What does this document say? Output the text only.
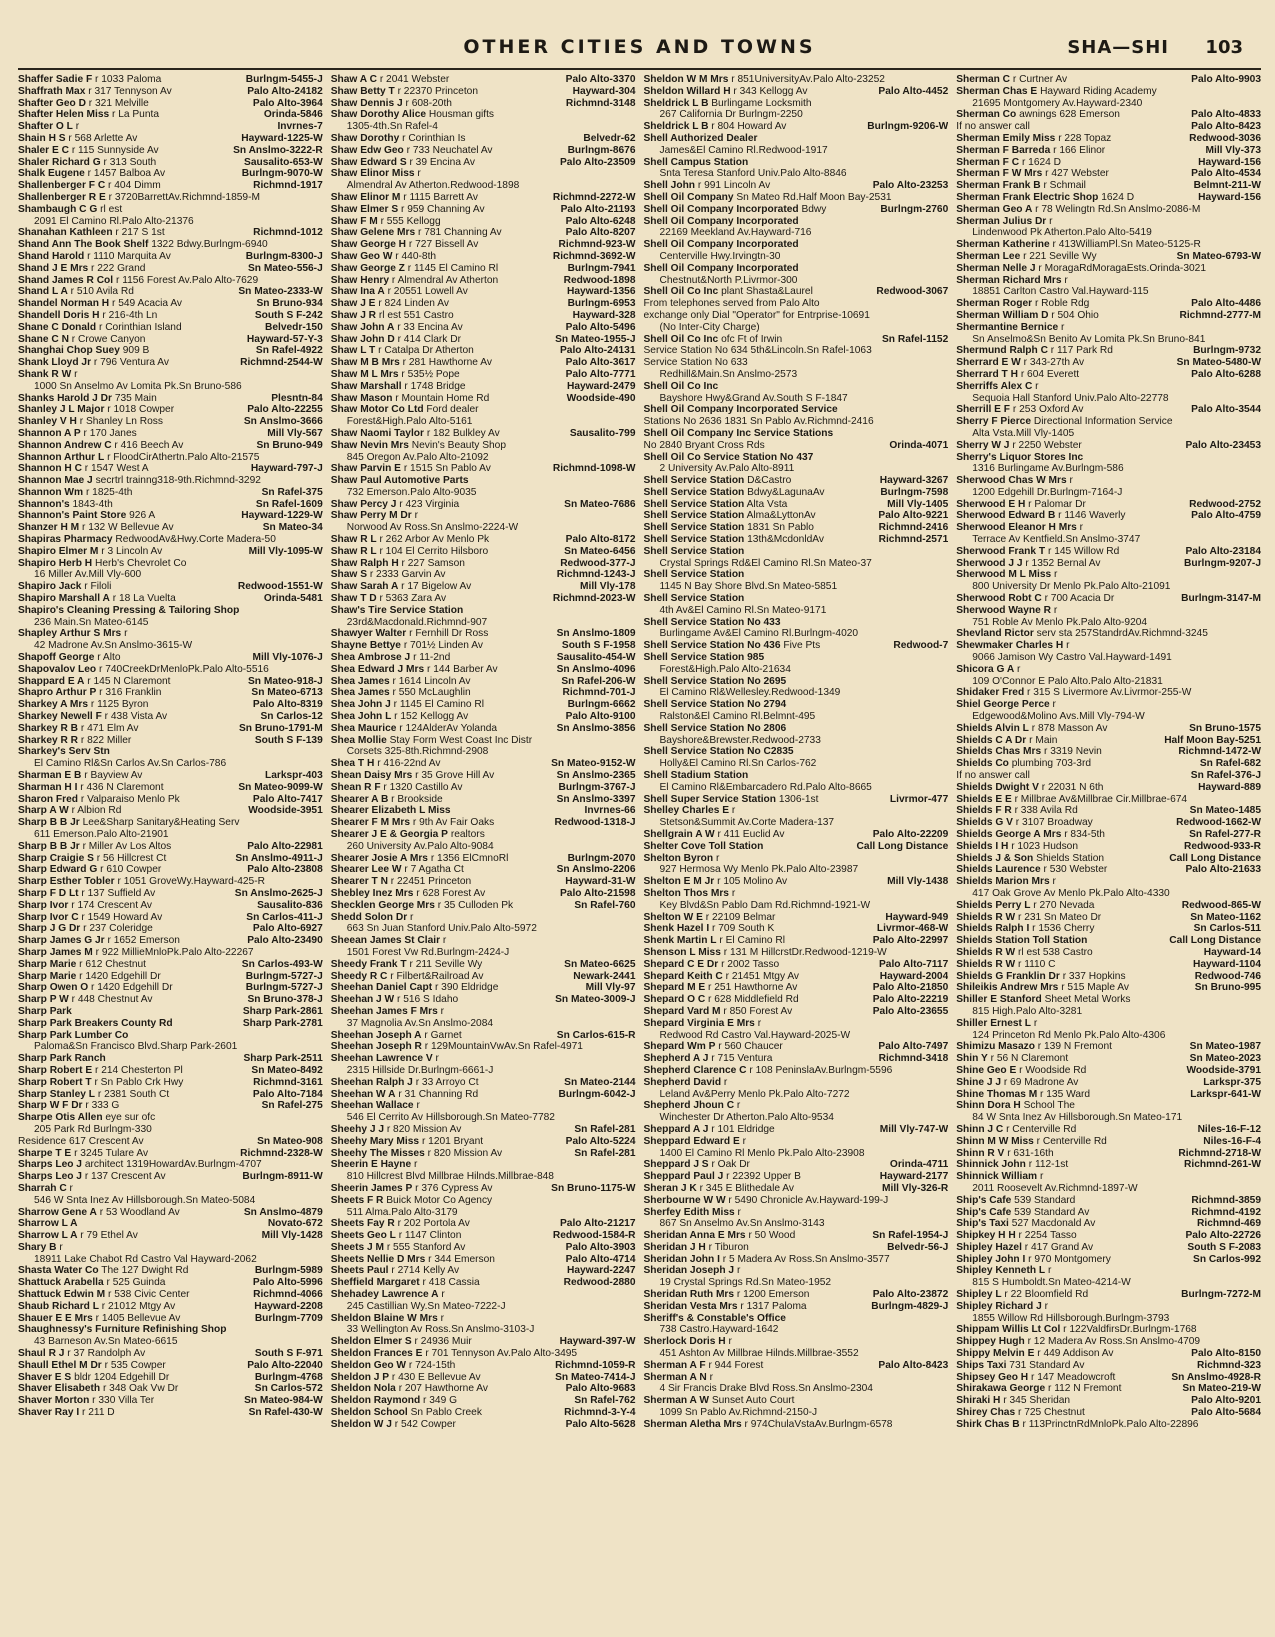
OTHER CITIES AND TOWNS	SHA—SHI 103
Burlngm-5455-J
Shaffer Sadie F r 1033 Paloma
Palo Alto-24182
Shaffrath Max r 317 Tennyson Av
Palo Alto-3964
Shafter Geo D r 321 Melville
Orinda-5846
Shafter Helen Miss r La Punta
Invrnes-7
Shafter O L r
Hayward-1225-W
Shain H S r 568 Arlette Av
Sn Anslmo-3222-R
Shaler E C r 115 Sunnyside Av
Sausalito-653-W
Shaler Richard G r 313 South
Burlngm-9070-W
Shalk Eugene r 1457 Balboa Av
Richmnd-1917
Shallenberger F C r 404 Dimm
Shallenberger R E r 3720BarrettAv.Richmnd-1859-M
Shambaugh C G rl est
2091 El Camino Rl.Palo Alto-21376
Richmnd-1012
Shanahan Kathleen r 217 S 1st
Shand Ann The Book Shelf 1322 Bdwy.Burlngm-6940
Burlngm-8300-J
Shand Harold r 1110 Marquita Av
Sn Mateo-556-J
Shand J E Mrs r 222 Grand
Shand James R Col r 1156 Forest Av.Palo Alto-7629
Sn Mateo-2333-W
Shand L A r 510 Avila Rd
Sn Bruno-934
Shandel Norman H r 549 Acacia Av
South S F-242
Shandell Doris H r 216-4th Ln
Belvedr-150
Shane C Donald r Corinthian Island
Hayward-57-Y-3
Shane C N r Crowe Canyon
Sn Rafel-4922
Shanghai Chop Suey 909 B
Richmnd-2544-W
Shank Lloyd Jr r 796 Ventura Av
Shank R W r
1000 Sn Anselmo Av Lomita Pk.Sn Bruno-586
Plesntn-84
Shanks Harold J Dr 735 Main
Palo Alto-22255
Shanley J L Major r 1018 Cowper
Sn Anslmo-3666
Shanley V H r Shanley Ln Ross
Mill Vly-567
Shannon A P r 170 Janes
Sn Bruno-949
Shannon Andrew C r 416 Beech Av
Shannon Arthur L r FloodCirAthertn.Palo Alto-21575
Hayward-797-J
Shannon H C r 1547 West A
Shannon Mae J secrtrl trainng318-9th.Richmnd-3292
Sn Rafel-375
Shannon Wm r 1825-4th
Sn Rafel-1609
Shannon's 1843-4th
Hayward-1229-W
Shannon's Paint Store 926 A
Sn Mateo-34
Shanzer H M r 132 W Bellevue Av
Shapiras Pharmacy RedwoodAv&Hwy.Corte Madera-50
Mill Vly-1095-W
Shapiro Elmer M r 3 Lincoln Av
Shapiro Herb H Herb's Chevrolet Co
16 Miller Av.Mill Vly-600
Redwood-1551-W
Shapiro Jack r Filoli
Orinda-5481
Shapiro Marshall A r 18 La Vuelta
Shapiro's Cleaning Pressing & Tailoring Shop
236 Main.Sn Mateo-6145
Shapley Arthur S Mrs r
42 Madrone Av.Sn Anslmo-3615-W
Mill Vly-1076-J
Shapoff George r Alto
Shapovalov Leo r 740CreekDrMenloPk.Palo Alto-5516
Sn Mateo-918-J
Shappard E A r 145 N Claremont
Sn Mateo-6713
Shapro Arthur P r 316 Franklin
Palo Alto-8319
Sharkey A Mrs r 1125 Byron
Sn Carlos-12
Sharkey Newell F r 438 Vista Av
Sn Bruno-1791-M
Sharkey R B r 471 Elm Av
South S F-139
Sharkey R R r 822 Miller
Sharkey's Serv Stn
El Camino Rl&Sn Carlos Av.Sn Carlos-786
Larkspr-403
Sharman E B r Bayview Av
Sn Mateo-9099-W
Sharman H I r 436 N Claremont
Palo Alto-7417
Sharon Fred r Valparaiso Menlo Pk
Woodside-3951
Sharp A W r Albion Rd
Sharp B B Jr Lee&Sharp Sanitary&Heating Serv
611 Emerson.Palo Alto-21901
Palo Alto-22981
Sharp B B Jr r Miller Av Los Altos
Sn Anslmo-4911-J
Sharp Craigie S r 56 Hillcrest Ct
Palo Alto-23808
Sharp Edward G r 610 Cowper
Sharp Esther Tobler r 1051 GroveWy.Hayward-425-R
Sn Anslmo-2625-J
Sharp F D Lt r 137 Suffield Av
Sausalito-836
Sharp Ivor r 174 Crescent Av
Sn Carlos-411-J
Sharp Ivor C r 1549 Howard Av
Palo Alto-6927
Sharp J G Dr r 237 Coleridge
Palo Alto-23490
Sharp James G Jr r 1652 Emerson
Sharp James M r 922 MillieMnloPk.Palo Alto-22267
Sn Carlos-493-W
Sharp Marie r 612 Chestnut
Burlngm-5727-J
Sharp Marie r 1420 Edgehill Dr
Burlngm-5727-J
Sharp Owen O r 1420 Edgehill Dr
Sn Bruno-378-J
Sharp P W r 448 Chestnut Av
Sharp Park-2861
Sharp Park
Sharp Park-2781
Sharp Park Breakers County Rd
Sharp Park Lumber Co
Paloma&Sn Francisco Blvd.Sharp Park-2601
Sharp Park-2511
Sharp Park Ranch
Sn Mateo-8492
Sharp Robert E r 214 Chesterton Pl
Richmnd-3161
Sharp Robert T r Sn Pablo Crk Hwy
Palo Alto-7184
Sharp Stanley L r 2381 South Ct
Sn Rafel-275
Sharp W F Dr r 333 G
Sharpe Otis Allen eye sur ofc
205 Park Rd Burlngm-330
Sn Mateo-908
Residence 617 Crescent Av
Richmnd-2328-W
Sharpe T E r 3245 Tulare Av
Sharps Leo J architect 1319HowardAv.Burlngm-4707
Burlngm-8911-W
Sharps Leo J r 137 Crescent Av
Sharrah C r
546 W Snta Inez Av Hillsborough.Sn Mateo-5084
Sn Anslmo-4879
Sharrow Gene A r 53 Woodland Av
Novato-672
Sharrow L A
Mill Vly-1428
Sharrow L A r 79 Ethel Av
Shary B r
18911 Lake Chabot Rd Castro Val Hayward-2062
Burlngm-5989
Shasta Water Co The 127 Dwight Rd
Palo Alto-5996
Shattuck Arabella r 525 Guinda
Richmnd-4066
Shattuck Edwin M r 538 Civic Center
Hayward-2208
Shaub Richard L r 21012 Mtgy Av
Burlngm-7709
Shauer E E Mrs r 1405 Bellevue Av
Shaughnessy's Furniture Refinishing Shop
43 Barneson Av.Sn Mateo-6615
South S F-971
Shaul R J r 37 Randolph Av
Palo Alto-22040
Shaull Ethel M Dr r 535 Cowper
Burlngm-4768
Shaver E S bldr 1204 Edgehill Dr
Sn Carlos-572
Shaver Elisabeth r 348 Oak Vw Dr
Sn Mateo-984-W
Shaver Morton r 330 Villa Ter
Sn Rafel-430-W
Shaver Ray I r 211 D
Palo Alto-3370
Shaw A C r 2041 Webster
Hayward-304
Shaw Betty T r 22370 Princeton
Richmnd-3148
Shaw Dennis J r 608-20th
Shaw Dorothy Alice Housman gifts
1305-4th.Sn Rafel-4
Belvedr-62
Shaw Dorothy r Corinthian Is
Burlngm-8676
Shaw Edw Geo r 733 Neuchatel Av
Palo Alto-23509
Shaw Edward S r 39 Encina Av
Shaw Elinor Miss r
Almendral Av Atherton.Redwood-1898
Richmnd-2272-W
Shaw Elinor M r 1115 Barrett Av
Palo Alto-21193
Shaw Elmer S r 959 Channing Av
Palo Alto-6248
Shaw F M r 555 Kellogg
Palo Alto-8207
Shaw Gelene Mrs r 781 Channing Av
Richmnd-923-W
Shaw George H r 727 Bissell Av
Richmnd-3692-W
Shaw Geo W r 440-8th
Burlngm-7941
Shaw George Z r 1145 El Camino Rl
Redwood-1898
Shaw Henry r Almendral Av Atherton
Hayward-1356
Shaw Ina A r 20551 Lowell Av
Burlngm-6953
Shaw J E r 824 Linden Av
Hayward-328
Shaw J R rl est 551 Castro
Palo Alto-5496
Shaw John A r 33 Encina Av
Sn Mateo-1955-J
Shaw John D r 414 Clark Dr
Palo Alto-24131
Shaw L T r Catalpa Dr Atherton
Palo Alto-3617
Shaw M B Mrs r 281 Hawthorne Av
Palo Alto-7771
Shaw M L Mrs r 535½ Pope
Hayward-2479
Shaw Marshall r 1748 Bridge
Woodside-490
Shaw Mason r Mountain Home Rd
Shaw Motor Co Ltd Ford dealer
Forest&High.Palo Alto-5161
Sausalito-799
Shaw Naomi Taylor r 182 Bulkley Av
Shaw Nevin Mrs Nevin's Beauty Shop
845 Oregon Av.Palo Alto-21092
Richmnd-1098-W
Shaw Parvin E r 1515 Sn Pablo Av
Shaw Paul Automotive Parts
732 Emerson.Palo Alto-9035
Sn Mateo-7686
Shaw Percy J r 423 Virginia
Shaw Perry M Dr r
Norwood Av Ross.Sn Anslmo-2224-W
Palo Alto-8172
Shaw R L r 262 Arbor Av Menlo Pk
Sn Mateo-6456
Shaw R L r 104 El Cerrito Hilsboro
Redwood-377-J
Shaw Ralph H r 227 Samson
Richmnd-1243-J
Shaw S r 2333 Garvin Av
Mill Vly-178
Shaw Sarah A r 17 Bigelow Av
Richmnd-2023-W
Shaw T D r 5363 Zara Av
Shaw's Tire Service Station
23rd&Macdonald.Richmnd-907
Sn Anslmo-1809
Shawyer Walter r Fernhill Dr Ross
South S F-1958
Shayne Bettye r 701½ Linden Av
Sausalito-454-W
Shea Ambrose J r 11-2nd
Sn Anslmo-4096
Shea Edward J Mrs r 144 Barber Av
Sn Rafel-206-W
Shea James r 1614 Lincoln Av
Richmnd-701-J
Shea James r 550 McLaughlin
Burlngm-6662
Shea John J r 1145 El Camino Rl
Palo Alto-9100
Shea John L r 152 Kellogg Av
Sn Anslmo-3856
Shea Maurice r 124AlderAv Yolanda
Shea Mollie Stay Form West Coast Inc Distr
Corsets 325-8th.Richmnd-2908
Sn Mateo-9152-W
Shea T H r 416-22nd Av
Sn Anslmo-2365
Shean Daisy Mrs r 35 Grove Hill Av
Burlngm-3767-J
Shean R F r 1320 Castillo Av
Sn Anslmo-3397
Shearer A B r Brookside
Invrnes-66
Shearer Elizabeth L Miss
Redwood-1318-J
Shearer F M Mrs r 9th Av Fair Oaks
Shearer J E & Georgia P realtors
260 University Av.Palo Alto-9084
Burlngm-2070
Shearer Josie A Mrs r 1356 ElCmnoRl
Sn Anslmo-2206
Shearer Lee W r 7 Agatha Ct
Hayward-31-W
Shearer T N r 22451 Princeton
Palo Alto-21598
Shebley Inez Mrs r 628 Forest Av
Sn Rafel-760
Shecklen George Mrs r 35 Culloden Pk
Shedd Solon Dr r
663 Sn Juan Stanford Univ.Palo Alto-5972
Sheean James St Clair r
1501 Forest Vw Rd.Burlngm-2424-J
Sn Mateo-6625
Sheedy Frank T r 211 Seville Wy
Newark-2441
Sheedy R C r Filbert&Railroad Av
Mill Vly-97
Sheehan Daniel Capt r 390 Eldridge
Sn Mateo-3009-J
Sheehan J W r 516 S Idaho
Sheehan James F Mrs r
37 Magnolia Av.Sn Anslmo-2084
Sn Carlos-615-R
Sheehan Joseph A r Garnet
Sheehan Joseph R r 129MountainVwAv.Sn Rafel-4971
Sheehan Lawrence V r
2315 Hillside Dr.Burlngm-6661-J
Sn Mateo-2144
Sheehan Ralph J r 33 Arroyo Ct
Burlngm-6042-J
Sheehan W A r 31 Channing Rd
Sheehan Wallace r
546 El Cerrito Av Hillsborough.Sn Mateo-7782
Sn Rafel-281
Sheehy J J r 820 Mission Av
Palo Alto-5224
Sheehy Mary Miss r 1201 Bryant
Sn Rafel-281
Sheehy The Misses r 820 Mission Av
Sheerin E Hayne r
810 Hillcrest Blvd Millbrae Hilnds.Millbrae-848
Sn Bruno-1175-W
Sheerin James P r 376 Cypress Av
Sheets F R Buick Motor Co Agency
511 Alma.Palo Alto-3179
Palo Alto-21217
Sheets Fay R r 202 Portola Av
Redwood-1584-R
Sheets Geo L r 1147 Clinton
Palo Alto-3903
Sheets J M r 555 Stanford Av
Palo Alto-4714
Sheets Nellie D Mrs r 344 Emerson
Hayward-2247
Sheets Paul r 2714 Kelly Av
Redwood-2880
Sheffield Margaret r 418 Cassia
Shehadey Lawrence A r
245 Castillian Wy.Sn Mateo-7222-J
Sheldon Blaine W Mrs r
33 Wellington Av Ross.Sn Anslmo-3103-J
Hayward-397-W
Sheldon Elmer S r 24936 Muir
Sheldon Frances E r 701 Tennyson Av.Palo Alto-3495
Richmnd-1059-R
Sheldon Geo W r 724-15th
Sn Mateo-7414-J
Sheldon J P r 430 E Bellevue Av
Palo Alto-9683
Sheldon Nola r 207 Hawthorne Av
Sn Rafel-762
Sheldon Raymond r 349 G
Richmnd-3-Y-4
Sheldon School Sn Pablo Creek
Palo Alto-5628
Sheldon W J r 542 Cowper
Sheldon W M Mrs r 851UniversityAv.Palo Alto-23252
Palo Alto-4452
Sheldon Willard H r 343 Kellogg Av
Sheldrick L B Burlingame Locksmith
267 California Dr Burlngm-2250
Burlngm-9206-W
Sheldrick L B r 804 Howard Av
Shell Authorized Dealer
James&El Camino Rl.Redwood-1917
Shell Campus Station
Snta Teresa Stanford Univ.Palo Alto-8846
Palo Alto-23253
Shell John r 991 Lincoln Av
Shell Oil Company Sn Mateo Rd.Half Moon Bay-2531
Burlngm-2760
Shell Oil Company Incorporated Bdwy
Shell Oil Company Incorporated
22169 Meekland Av.Hayward-716
Shell Oil Company Incorporated
Centerville Hwy.Irvingtn-30
Shell Oil Company Incorporated
Chestnut&North P.Livrmor-300
Redwood-3067
Shell Oil Co Inc plant Shasta&Laurel
From telephones served from Palo Alto
exchange only Dial "Operator" for Entrprise-10691
(No Inter-City Charge)
Sn Rafel-1152
Shell Oil Co Inc ofc Ft of Irwin
Service Station No 634 5th&Lincoln.Sn Rafel-1063
Service Station No 633
Redhill&Main.Sn Anslmo-2573
Shell Oil Co Inc
Bayshore Hwy&Grand Av.South S F-1847
Shell Oil Company Incorporated Service
Stations No 2636 1831 Sn Pablo Av.Richmnd-2416
Shell Oil Company Inc Service Stations
Orinda-4071
No 2840 Bryant Cross Rds
Shell Oil Co Service Station No 437
2 University Av.Palo Alto-8911
Hayward-3267
Shell Service Station D&Castro
Burlngm-7598
Shell Service Station Bdwy&LagunaAv
Mill Vly-1405
Shell Service Station Alta Vsta
Palo Alto-9221
Shell Service Station Alma&LyttonAv
Richmnd-2416
Shell Service Station 1831 Sn Pablo
Richmnd-2571
Shell Service Station 13th&McdonldAv
Shell Service Station
Crystal Springs Rd&El Camino Rl.Sn Mateo-37
Shell Service Station
1145 N Bay Shore Blvd.Sn Mateo-5851
Shell Service Station
4th Av&El Camino Rl.Sn Mateo-9171
Shell Service Station No 433
Burlingame Av&El Camino Rl.Burlngm-4020
Redwood-7
Shell Service Station No 436 Five Pts
Shell Service Station 985
Forest&High.Palo Alto-21634
Shell Service Station No 2695
El Camino Rl&Wellesley.Redwood-1349
Shell Service Station No 2794
Ralston&El Camino Rl.Belmnt-495
Shell Service Station No 2806
Bayshore&Brewster.Redwood-2733
Shell Service Station No C2835
Holly&El Camino Rl.Sn Carlos-762
Shell Stadium Station
El Camino Rl&Embarcadero Rd.Palo Alto-8665
Livrmor-477
Shell Super Service Station 1306-1st
Shelley Charles E r
Stetson&Summit Av.Corte Madera-137
Palo Alto-22209
Shellgrain A W r 411 Euclid Av
Call Long Distance
Shelter Cove Toll Station
Shelton Byron r
927 Hermosa Wy Menlo Pk.Palo Alto-23987
Mill Vly-1438
Shelton E M Jr r 105 Molino Av
Shelton Thos Mrs r
Key Blvd&Sn Pablo Dam Rd.Richmnd-1921-W
Hayward-949
Shelton W E r 22109 Belmar
Livrmor-468-W
Shenk Hazel I r 709 South K
Palo Alto-22997
Shenk Martin L r El Camino Rl
Shenson L Miss r 131 M HillcrstDr.Redwood-1219-W
Palo Alto-7117
Shepard C E Dr r 2002 Tasso
Hayward-2004
Shepard Keith C r 21451 Mtgy Av
Palo Alto-21850
Shepard M E r 251 Hawthorne Av
Palo Alto-22219
Shepard O C r 628 Middlefield Rd
Palo Alto-23655
Shepard Vard M r 850 Forest Av
Shepard Virginia E Mrs r
Redwood Rd Castro Val.Hayward-2025-W
Palo Alto-7497
Shepard Wm P r 560 Chaucer
Richmnd-3418
Shepherd A J r 715 Ventura
Shepherd Clarence C r 108 PeninslaAv.Burlngm-5596
Shepherd David r
Leland Av&Perry Menlo Pk.Palo Alto-7272
Shepherd Jhoun C r
Winchester Dr Atherton.Palo Alto-9534
Mill Vly-747-W
Sheppard A J r 101 Eldridge
Sheppard Edward E r
1400 El Camino Rl Menlo Pk.Palo Alto-23908
Orinda-4711
Sheppard J S r Oak Dr
Hayward-2177
Sheppard Paul J r 22392 Upper B
Mill Vly-326-R
Sheran J K r 345 E Blithedale Av
Sherbourne W W r 5490 Chronicle Av.Hayward-199-J
Sherfey Edith Miss r
867 Sn Anselmo Av.Sn Anslmo-3143
Sn Rafel-1954-J
Sheridan Anna E Mrs r 50 Wood
Belvedr-56-J
Sheridan J H r Tiburon
Sheridan John I r 5 Madera Av Ross.Sn Anslmo-3577
Sheridan Joseph J r
19 Crystal Springs Rd.Sn Mateo-1952
Palo Alto-23872
Sheridan Ruth Mrs r 1200 Emerson
Burlngm-4829-J
Sheridan Vesta Mrs r 1317 Paloma
Sheriff's & Constable's Office
738 Castro.Hayward-1642
Sherlock Doris H r
451 Ashton Av Millbrae Hilnds.Millbrae-3552
Palo Alto-8423
Sherman A F r 944 Forest
Sherman A N r
4 Sir Francis Drake Blvd Ross.Sn Anslmo-2304
Sherman A W Sunset Auto Court
1099 Sn Pablo Av.Richmnd-2150-J
Sherman Aletha Mrs r 974ChulaVstaAv.Burlngm-6578
Palo Alto-9903
Sherman C r Curtner Av
Sherman Chas E Hayward Riding Academy
21695 Montgomery Av.Hayward-2340
Palo Alto-4833
Sherman Co awnings 628 Emerson
Palo Alto-8423
If no answer call
Redwood-3036
Sherman Emily Miss r 228 Topaz
Mill Vly-373
Sherman F Barreda r 166 Elinor
Hayward-156
Sherman F C r 1624 D
Palo Alto-4534
Sherman F W Mrs r 427 Webster
Belmnt-211-W
Sherman Frank B r Schmail
Hayward-156
Sherman Frank Electric Shop 1624 D
Sherman Geo A r 78 Welingtn Rd.Sn Anslmo-2086-M
Sherman Julius Dr r
Lindenwood Pk Atherton.Palo Alto-5419
Sherman Katherine r 413WilliamPl.Sn Mateo-5125-R
Sn Mateo-6793-W
Sherman Lee r 221 Seville Wy
Sherman Nelle J r MoragaRdMoragaEsts.Orinda-3021
Sherman Richard Mrs r
18851 Carlton Castro Val.Hayward-115
Palo Alto-4486
Sherman Roger r Roble Rdg
Richmnd-2777-M
Sherman William D r 504 Ohio
Shermantine Bernice r
Sn Anselmo&Sn Benito Av Lomita Pk.Sn Bruno-841
Burlngm-9732
Shermund Ralph C r 117 Park Rd
Sn Mateo-5480-W
Sherrard E W r 343-27th Av
Palo Alto-6288
Sherrard T H r 604 Everett
Sherriffs Alex C r
Sequoia Hall Stanford Univ.Palo Alto-22778
Palo Alto-3544
Sherrill E F r 253 Oxford Av
Sherry F Pierce Directional Information Service
Alta Vsta.Mill Vly-1405
Palo Alto-23453
Sherry W J r 2250 Webster
Sherry's Liquor Stores Inc
1316 Burlingame Av.Burlngm-586
Sherwood Chas W Mrs r
1200 Edgehill Dr.Burlngm-7164-J
Redwood-2752
Sherwood E H r Palomar Dr
Palo Alto-4759
Sherwood Edward B r 1146 Waverly
Sherwood Eleanor H Mrs r
Terrace Av Kentfield.Sn Anslmo-3747
Palo Alto-23184
Sherwood Frank T r 145 Willow Rd
Burlngm-9207-J
Sherwood J J r 1352 Bernal Av
Sherwood M L Miss r
800 University Dr Menlo Pk.Palo Alto-21091
Burlngm-3147-M
Sherwood Robt C r 700 Acacia Dr
Sherwood Wayne R r
751 Roble Av Menlo Pk.Palo Alto-9204
Shevland Rictor serv sta 257StandrdAv.Richmnd-3245
Shewmaker Charles H r
9066 Jamison Wy Castro Val.Hayward-1491
Shicora G A r
109 O'Connor E Palo Alto.Palo Alto-21831
Shidaker Fred r 315 S Livermore Av.Livrmor-255-W
Shiel George Perce r
Edgewood&Molino Avs.Mill Vly-794-W
Sn Bruno-1575
Shields Alvin L r 878 Masson Av
Half Moon Bay-5251
Shields C A Dr r Main
Richmnd-1472-W
Shields Chas Mrs r 3319 Nevin
Sn Rafel-682
Shields Co plumbing 703-3rd
Sn Rafel-376-J
If no answer call
Hayward-889
Shields Dwight V r 22031 N 6th
Shields E E r Millbrae Av&Millbrae Cir.Millbrae-674
Sn Mateo-1485
Shields F R r 338 Avila Rd
Redwood-1662-W
Shields G V r 3107 Broadway
Sn Rafel-277-R
Shields George A Mrs r 834-5th
Redwood-933-R
Shields I H r 1023 Hudson
Call Long Distance
Shields J & Son Shields Station
Palo Alto-21633
Shields Laurence r 530 Webster
Shields Marion Mrs r
417 Oak Grove Av Menlo Pk.Palo Alto-4330
Redwood-865-W
Shields Perry L r 270 Nevada
Sn Mateo-1162
Shields R W r 231 Sn Mateo Dr
Sn Carlos-511
Shields Ralph I r 1536 Cherry
Call Long Distance
Shields Station Toll Station
Hayward-14
Shields R W rl est 538 Castro
Hayward-1104
Shields R W r 1110 C
Redwood-746
Shields G Franklin Dr r 337 Hopkins
Sn Bruno-995
Shileikis Andrew Mrs r 515 Maple Av
Shiller E Stanford Sheet Metal Works
815 High.Palo Alto-3281
Shiller Ernest L r
124 Princeton Rd Menlo Pk.Palo Alto-4306
Sn Mateo-1987
Shimizu Masazo r 139 N Fremont
Sn Mateo-2023
Shin Y r 56 N Claremont
Woodside-3791
Shine Geo E r Woodside Rd
Larkspr-375
Shine J J r 69 Madrone Av
Larkspr-641-W
Shine Thomas M r 135 Ward
Shinn Dora H School The
84 W Snta Inez Av Hillsborough.Sn Mateo-171
Niles-16-F-12
Shinn J C r Centerville Rd
Niles-16-F-4
Shinn M W Miss r Centerville Rd
Richmnd-2718-W
Shinn R V r 631-16th
Richmnd-261-W
Shinnick John r 112-1st
Shinnick William r
2011 Roosevelt Av.Richmnd-1897-W
Richmnd-3859
Ship's Cafe 539 Standard
Richmnd-4192
Ship's Cafe 539 Standard Av
Richmnd-469
Ship's Taxi 527 Macdonald Av
Palo Alto-22726
Shipkey H H r 2254 Tasso
South S F-2083
Shipley Hazel r 417 Grand Av
Sn Carlos-992
Shipley John I r 970 Montgomery
Shipley Kenneth L r
815 S Humboldt.Sn Mateo-4214-W
Burlngm-7272-M
Shipley L r 22 Bloomfield Rd
Shipley Richard J r
1855 Willow Rd Hillsborough.Burlngm-3793
Shippam Willis Lt Col r 122ValdfirsDr.Burlngm-1768
Shippey Hugh r 12 Madera Av Ross.Sn Anslmo-4709
Palo Alto-8150
Shippy Melvin E r 449 Addison Av
Richmnd-323
Ships Taxi 731 Standard Av
Sn Anslmo-4928-R
Shipsey Geo H r 147 Meadowcroft
Sn Mateo-219-W
Shirakawa George r 112 N Fremont
Palo Alto-9201
Shiraki H r 345 Sheridan
Palo Alto-5684
Shirey Chas r 725 Chestnut
Shirk Chas B r 113PrinctnRdMnloPk.Palo Alto-22896
